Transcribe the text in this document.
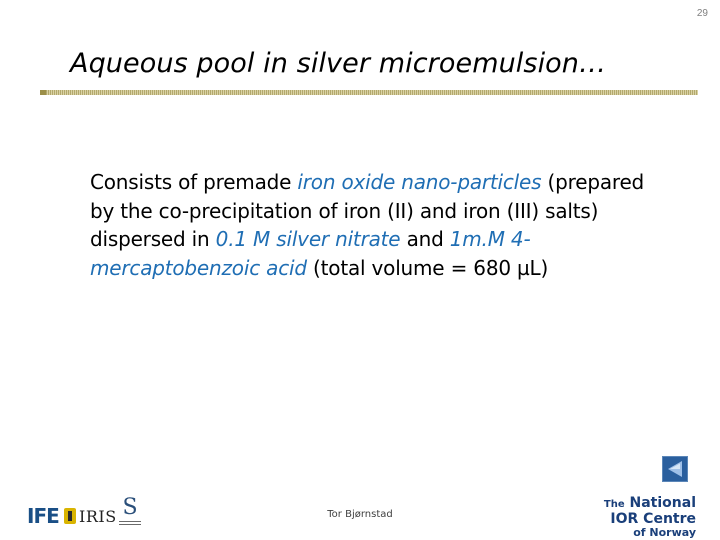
29
Aqueous pool in silver microemulsion…
Consists of premade iron oxide nano-particles (prepared by the co-precipitation of iron (II) and iron (III) salts) dispersed in 0.1 M silver nitrate and 1m.M 4-mercaptobenzoic acid (total volume = 680 µL)
IFE IRIS S	Tor Bjørnstad
The National
IOR Centre
of Norway
